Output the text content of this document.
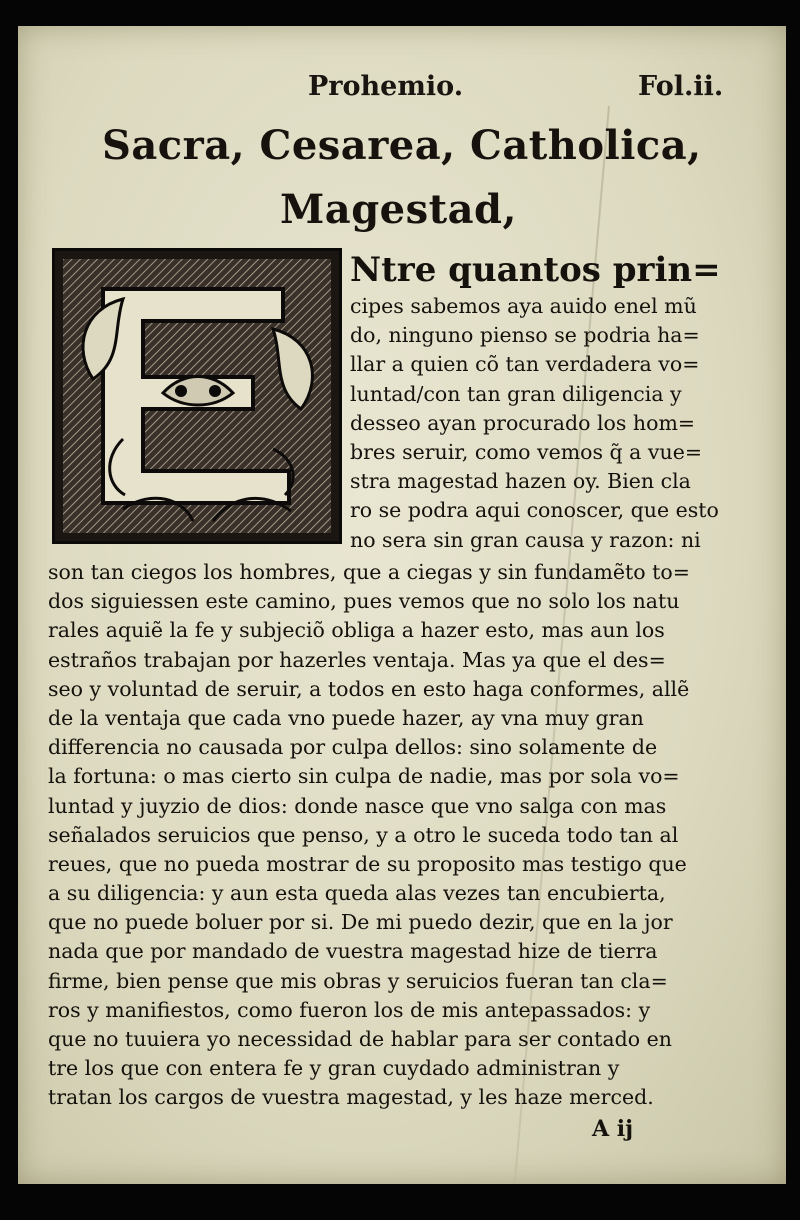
Prohemio.	Fol.ii.
Sacra, Cesarea, Catholica,
Magestad,
Ntre quantos prin=
cipes sabemos aya auido enel mũ
do, ninguno pienso se podria ha=
llar a quien cõ tan verdadera vo=
luntad/con tan gran diligencia y
desseo ayan procurado los hom=
bres seruir, como vemos q̃ a vue=
stra magestad hazen oy. Bien cla
ro se podra aqui conoscer, que esto
no sera sin gran causa y razon: ni
son tan ciegos los hombres, que a ciegas y sin fundamẽto to=
dos siguiessen este camino, pues vemos que no solo los natu
rales aquiẽ la fe y subjeciõ obliga a hazer esto, mas aun los
estraños trabajan por hazerles ventaja. Mas ya que el des=
seo y voluntad de seruir, a todos en esto haga conformes, allẽ
de la ventaja que cada vno puede hazer, ay vna muy gran
differencia no causada por culpa dellos: sino solamente de
la fortuna: o mas cierto sin culpa de nadie, mas por sola vo=
luntad y juyzio de dios: donde nasce que vno salga con mas
señalados seruicios que penso, y a otro le suceda todo tan al
reues, que no pueda mostrar de su proposito mas testigo que
a su diligencia: y aun esta queda alas vezes tan encubierta,
que no puede boluer por si. De mi puedo dezir, que en la jor
nada que por mandado de vuestra magestad hize de tierra
firme, bien pense que mis obras y seruicios fueran tan cla=
ros y manifiestos, como fueron los de mis antepassados: y
que no tuuiera yo necessidad de hablar para ser contado en
tre los que con entera fe y gran cuydado administran y
tratan los cargos de vuestra magestad, y les haze merced.
A ij
